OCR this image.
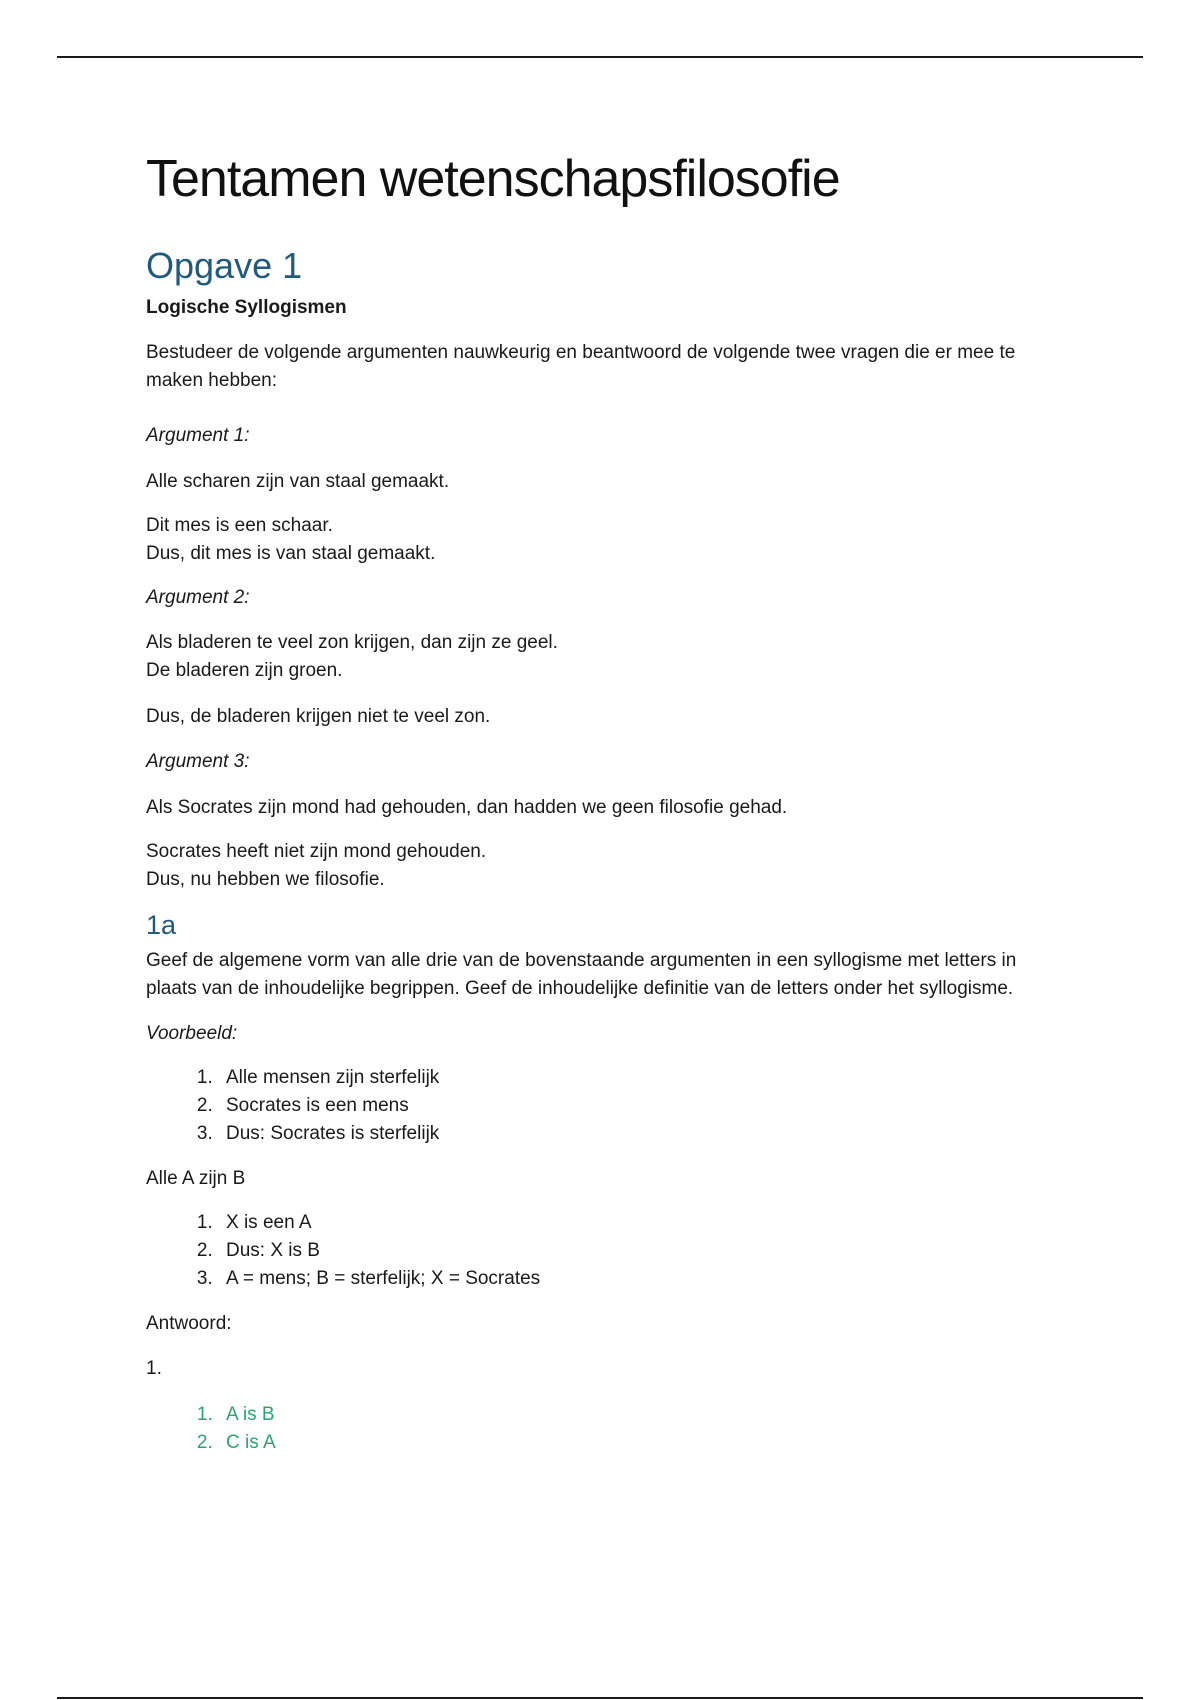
Tentamen wetenschapsfilosofie
Opgave 1

Logische Syllogismen

Bestudeer de volgende argumenten nauwkeurig en beantwoord de volgende twee vragen die er mee te maken hebben:

Argument 1:

Alle scharen zijn van staal gemaakt.

Dit mes is een schaar.

Dus, dit mes is van staal gemaakt.

Argument 2:

Als bladeren te veel zon krijgen, dan zijn ze geel.

De bladeren zijn groen.

Dus, de bladeren krijgen niet te veel zon.

Argument 3:

Als Socrates zijn mond had gehouden, dan hadden we geen filosofie gehad.

Socrates heeft niet zijn mond gehouden.

Dus, nu hebben we filosofie.

1a

Geef de algemene vorm van alle drie van de bovenstaande argumenten in een syllogisme met letters in plaats van de inhoudelijke begrippen. Geef de inhoudelijke definitie van de letters onder het syllogisme.

Voorbeeld:

1. Alle mensen zijn sterfelijk
2. Socrates is een mens
3. Dus: Socrates is sterfelijk

Alle A zijn B

1. X is een A
2. Dus: X is B
3. A = mens; B = sterfelijk; X = Socrates

Antwoord:

1.

1. A is B
2. C is A
